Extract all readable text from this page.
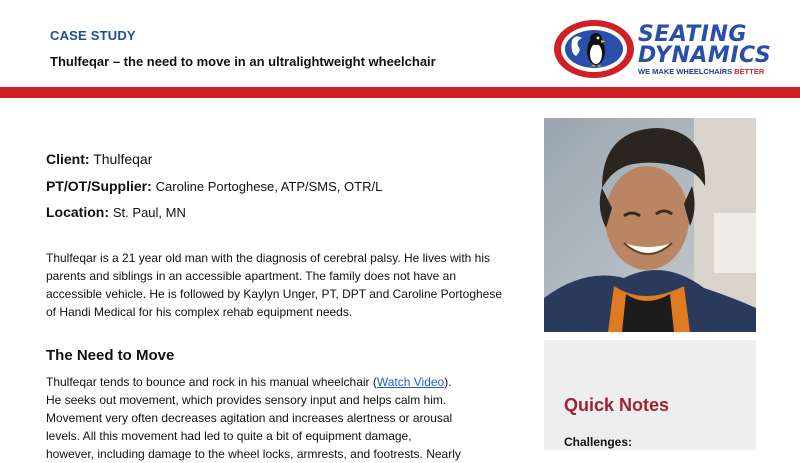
CASE STUDY
Thulfeqar – the need to move in an ultralightweight wheelchair
SEATING
DYNAMICS
WE MAKE WHEELCHAIRS BETTER
Quick Notes
Challenges:
Client: Thulfeqar
PT/OT/Supplier: Caroline Portoghese, ATP/SMS, OTR/L
Location: St. Paul, MN
Thulfeqar is a 21 year old man with the diagnosis of cerebral palsy. He lives with his
parents and siblings in an accessible apartment. The family does not have an
accessible vehicle. He is followed by Kaylyn Unger, PT, DPT and Caroline Portoghese
of Handi Medical for his complex rehab equipment needs.
The Need to Move
Thulfeqar tends to bounce and rock in his manual wheelchair (Watch Video).
He seeks out movement, which provides sensory input and helps calm him.
Movement very often decreases agitation and increases alertness or arousal
levels. All this movement had led to quite a bit of equipment damage,
however, including damage to the wheel locks, armrests, and footrests. Nearly
